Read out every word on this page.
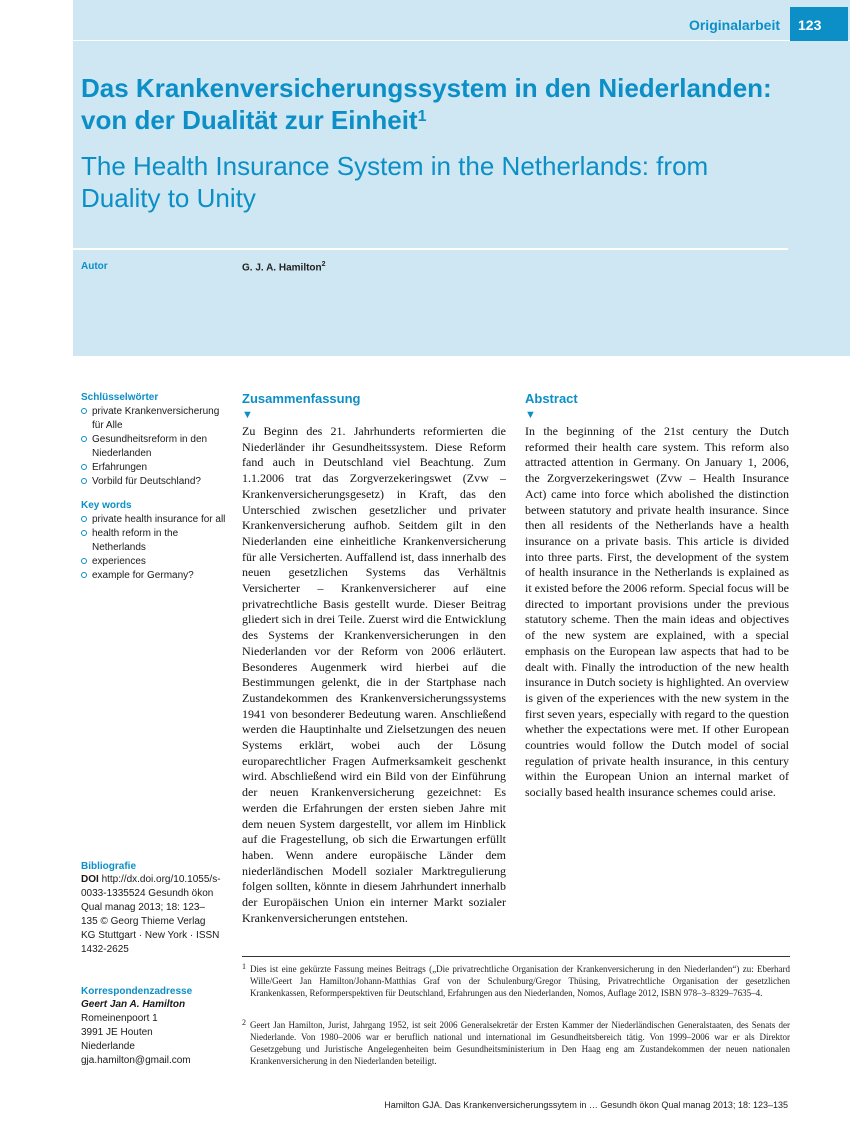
Originalarbeit	123
Das Krankenversicherungssystem in den Niederlanden: von der Dualität zur Einheit$^1$
The Health Insurance System in the Netherlands: from Duality to Unity
Autor	G. J. A. Hamilton$^2$
Schlüsselwörter
private Krankenversicherung für Alle
Gesundheitsreform in den Niederlanden
Erfahrungen
Vorbild für Deutschland?
Key words
private health insurance for all
health reform in the Netherlands
experiences
example for Germany?
Bibliografie
DOI http://dx.doi.org/10.1055/s-0033-1335524 Gesundh ökon Qual manag 2013; 18: 123–135 © Georg Thieme Verlag KG Stuttgart · New York · ISSN 1432-2625
Korrespondenzadresse
Geert Jan A. Hamilton
Romeinenpoort 1
3991 JE Houten
Niederlande
gja.hamilton@gmail.com
Zusammenfassung
▼
Zu Beginn des 21. Jahrhunderts reformierten die Niederländer ihr Gesundheitssystem. Diese Reform fand auch in Deutschland viel Beachtung. Zum 1.1.2006 trat das Zorgverzekeringswet (Zvw – Krankenversicherungsgesetz) in Kraft, das den Unterschied zwischen gesetzlicher und privater Krankenversicherung aufhob. Seitdem gilt in den Niederlanden eine einheitliche Krankenversicherung für alle Versicherten. Auffallend ist, dass innerhalb des neuen gesetzlichen Systems das Verhältnis Versicherter – Krankenversicherer auf eine privatrechtliche Basis gestellt wurde. Dieser Beitrag gliedert sich in drei Teile. Zuerst wird die Entwicklung des Systems der Krankenversicherungen in den Niederlanden vor der Reform von 2006 erläutert. Besonderes Augenmerk wird hierbei auf die Bestimmungen gelenkt, die in der Startphase nach Zustandekommen des Krankenversicherungssystems 1941 von besonderer Bedeutung waren. Anschließend werden die Hauptinhalte und Zielsetzungen des neuen Systems erklärt, wobei auch der Lösung europarechtlicher Fragen Aufmerksamkeit geschenkt wird. Abschließend wird ein Bild von der Einführung der neuen Krankenversicherung gezeichnet: Es werden die Erfahrungen der ersten sieben Jahre mit dem neuen System dargestellt, vor allem im Hinblick auf die Fragestellung, ob sich die Erwartungen erfüllt haben. Wenn andere europäische Länder dem niederländischen Modell sozialer Marktregulierung folgen sollten, könnte in diesem Jahrhundert innerhalb der Europäischen Union ein interner Markt sozialer Krankenversicherungen entstehen.
Abstract
▼
In the beginning of the 21st century the Dutch reformed their health care system. This reform also attracted attention in Germany. On January 1, 2006, the Zorgverzekeringswet (Zvw – Health Insurance Act) came into force which abolished the distinction between statutory and private health insurance. Since then all residents of the Netherlands have a health insurance on a private basis. This article is divided into three parts. First, the development of the system of health insurance in the Netherlands is explained as it existed before the 2006 reform. Special focus will be directed to important provisions under the previous statutory scheme. Then the main ideas and objectives of the new system are explained, with a special emphasis on the European law aspects that had to be dealt with. Finally the introduction of the new health insurance in Dutch society is highlighted. An overview is given of the experiences with the new system in the first seven years, especially with regard to the question whether the expectations were met. If other European countries would follow the Dutch model of social regulation of private health insurance, in this century within the European Union an internal market of socially based health insurance schemes could arise.
1 Dies ist eine gekürzte Fassung meines Beitrags („Die privatrechtliche Organisation der Krankenversicherung in den Niederlanden“) zu: Eberhard Wille/Geert Jan Hamilton/Johann-Matthias Graf von der Schulenburg/Gregor Thüsing, Privatrechtliche Organisation der gesetzlichen Krankenkassen, Reformperspektiven für Deutschland, Erfahrungen aus den Niederlanden, Nomos, Auflage 2012, ISBN 978–3–8329–7635–4.
2 Geert Jan Hamilton, Jurist, Jahrgang 1952, ist seit 2006 Generalsekretär der Ersten Kammer der Niederländischen Generalstaaten, des Senats der Niederlande. Von 1980–2006 war er beruflich national und international im Gesundheitsbereich tätig. Von 1999–2006 war er als Direktor Gesetzgebung und Juristische Angelegenheiten beim Gesundheitsministerium in Den Haag eng am Zustandekommen der neuen nationalen Krankenversicherung in den Niederlanden beteiligt.
Hamilton GJA. Das Krankenversicherungssytem in … Gesundh ökon Qual manag 2013; 18: 123–135
